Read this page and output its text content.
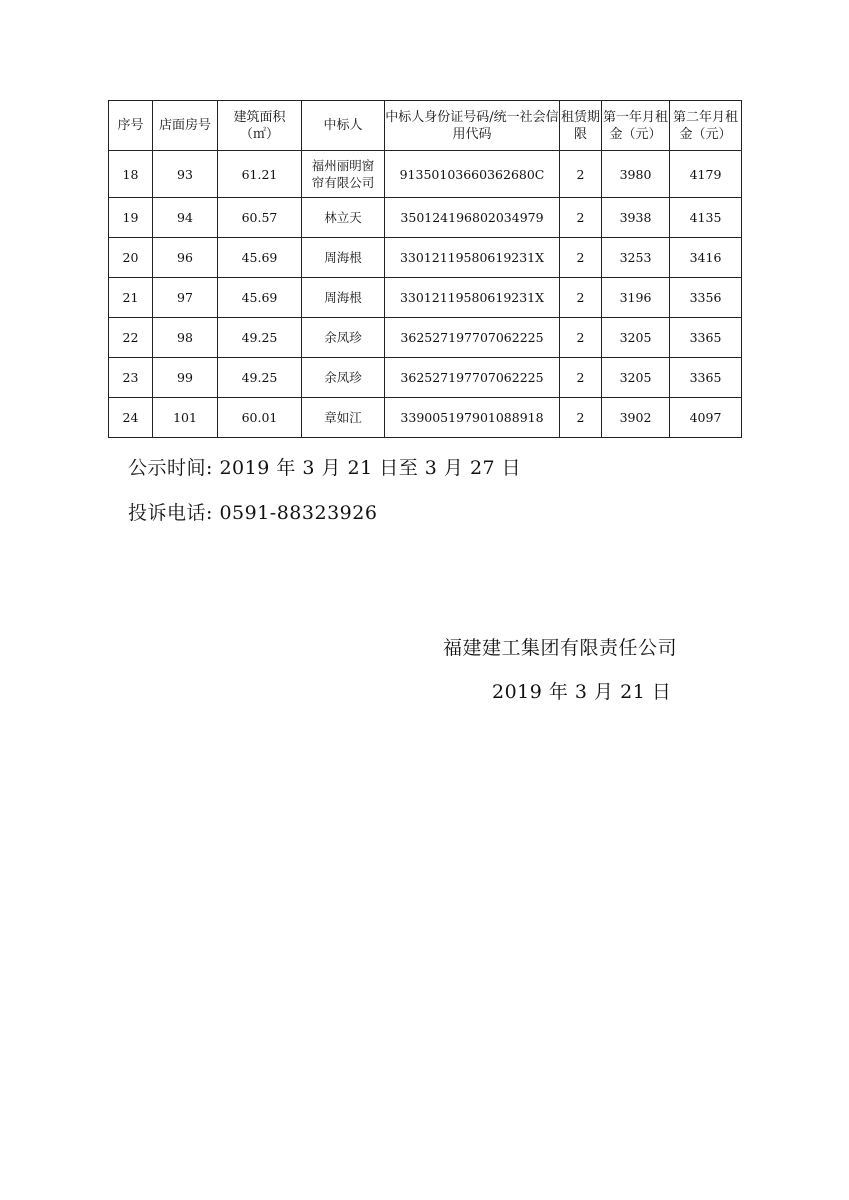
序号	店面房号	建筑面积（㎡）	中标人	中标人身份证号码/统一社会信用代码	租赁期限	第一年月租金（元）	第二年月租金（元）
18	93	61.21	福州丽明窗帘有限公司	91350103660362680C	2	3980	4179
19	94	60.57	林立天	350124196802034979	2	3938	4135
20	96	45.69	周海根	33012119580619231X	2	3253	3416
21	97	45.69	周海根	33012119580619231X	2	3196	3356
22	98	49.25	余凤珍	362527197707062225	2	3205	3365
23	99	49.25	余凤珍	362527197707062225	2	3205	3365
24	101	60.01	章如江	339005197901088918	2	3902	4097
公示时间: 2019 年 3 月 21 日至 3 月 27 日
投诉电话: 0591-88323926
福建建工集团有限责任公司
2019 年 3 月 21 日
